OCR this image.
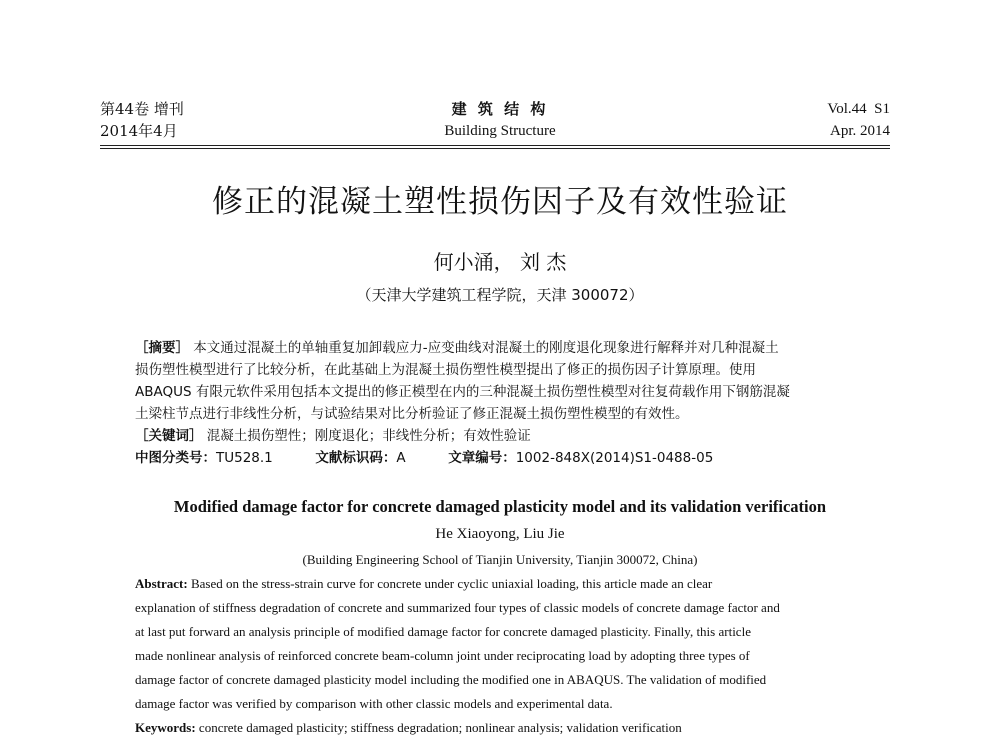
第44卷 增刊
2014年4月
建 筑 结 构
Building Structure
Vol.44  S1
Apr. 2014
修正的混凝土塑性损伤因子及有效性验证
何小涌， 刘 杰
（天津大学建筑工程学院，天津 300072）
［摘要］ 本文通过混凝土的单轴重复加卸载应力-应变曲线对混凝土的刚度退化现象进行解释并对几种混凝土
损伤塑性模型进行了比较分析，在此基础上为混凝土损伤塑性模型提出了修正的损伤因子计算原理。使用
ABAQUS 有限元软件采用包括本文提出的修正模型在内的三种混凝土损伤塑性模型对往复荷载作用下钢筋混凝
土梁柱节点进行非线性分析，与试验结果对比分析验证了修正混凝土损伤塑性模型的有效性。
［关键词］ 混凝土损伤塑性；刚度退化；非线性分析；有效性验证
中图分类号：TU528.1	文献标识码：A	文章编号：1002-848X(2014)S1-0488-05
Modified damage factor for concrete damaged plasticity model and its validation verification
He Xiaoyong, Liu Jie
(Building Engineering School of Tianjin University, Tianjin 300072, China)
Abstract: Based on the stress-strain curve for concrete under cyclic uniaxial loading, this article made an clear
explanation of stiffness degradation of concrete and summarized four types of classic models of concrete damage factor and
at last put forward an analysis principle of modified damage factor for concrete damaged plasticity. Finally, this article
made nonlinear analysis of reinforced concrete beam-column joint under reciprocating load by adopting three types of
damage factor of concrete damaged plasticity model including the modified one in ABAQUS. The validation of modified
damage factor was verified by comparison with other classic models and experimental data.
Keywords: concrete damaged plasticity; stiffness degradation; nonlinear analysis; validation verification
